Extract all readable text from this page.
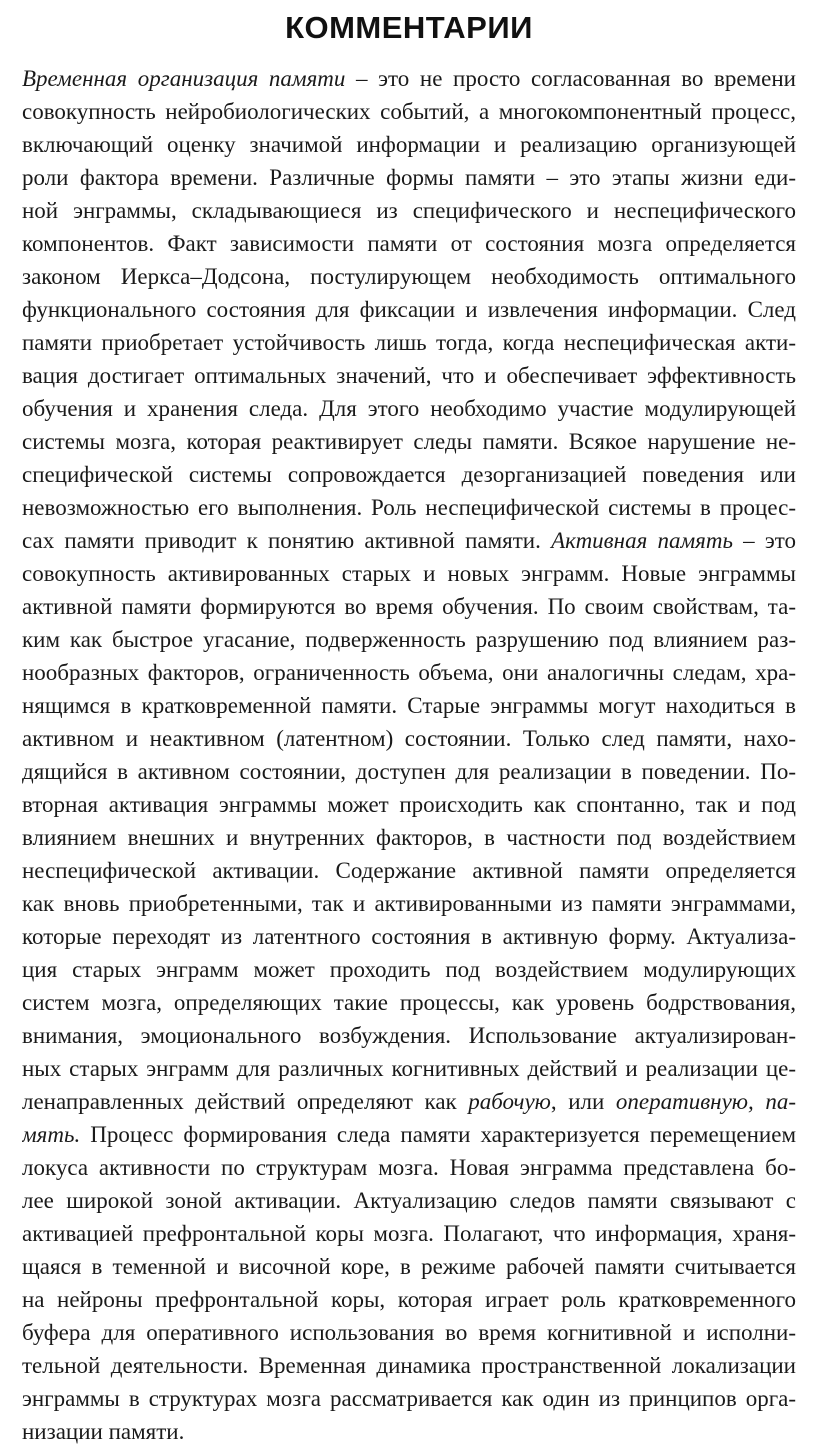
КОММЕНТАРИИ
Временная организация памяти – это не просто согласованная во времени
совокупность нейробиологических событий, а многокомпонентный процесс,
включающий оценку значимой информации и реализацию организующей
роли фактора времени. Различные формы памяти – это этапы жизни еди-
ной энграммы, складывающиеся из специфического и неспецифического
компонентов. Факт зависимости памяти от состояния мозга определяется
законом Иеркса–Додсона, постулирующем необходимость оптимального
функционального состояния для фиксации и извлечения информации. След
памяти приобретает устойчивость лишь тогда, когда неспецифическая акти-
вация достигает оптимальных значений, что и обеспечивает эффективность
обучения и хранения следа. Для этого необходимо участие модулирующей
системы мозга, которая реактивирует следы памяти. Всякое нарушение не-
специфической системы сопровождается дезорганизацией поведения или
невозможностью его выполнения. Роль неспецифической системы в процес-
сах памяти приводит к понятию активной памяти. Активная память – это
совокупность активированных старых и новых энграмм. Новые энграммы
активной памяти формируются во время обучения. По своим свойствам, та-
ким как быстрое угасание, подверженность разрушению под влиянием раз-
нообразных факторов, ограниченность объема, они аналогичны следам, хра-
нящимся в кратковременной памяти. Старые энграммы могут находиться в
активном и неактивном (латентном) состоянии. Только след памяти, нахо-
дящийся в активном состоянии, доступен для реализации в поведении. По-
вторная активация энграммы может происходить как спонтанно, так и под
влиянием внешних и внутренних факторов, в частности под воздействием
неспецифической активации. Содержание активной памяти определяется
как вновь приобретенными, так и активированными из памяти энграммами,
которые переходят из латентного состояния в активную форму. Актуализа-
ция старых энграмм может проходить под воздействием модулирующих
систем мозга, определяющих такие процессы, как уровень бодрствования,
внимания, эмоционального возбуждения. Использование актуализирован-
ных старых энграмм для различных когнитивных действий и реализации це-
ленаправленных действий определяют как рабочую, или оперативную, па-
мять. Процесс формирования следа памяти характеризуется перемещением
локуса активности по структурам мозга. Новая энграмма представлена бо-
лее широкой зоной активации. Актуализацию следов памяти связывают с
активацией префронтальной коры мозга. Полагают, что информация, храня-
щаяся в теменной и височной коре, в режиме рабочей памяти считывается
на нейроны префронтальной коры, которая играет роль кратковременного
буфера для оперативного использования во время когнитивной и исполни-
тельной деятельности. Временная динамика пространственной локализации
энграммы в структурах мозга рассматривается как один из принципов орга-
низации памяти.
